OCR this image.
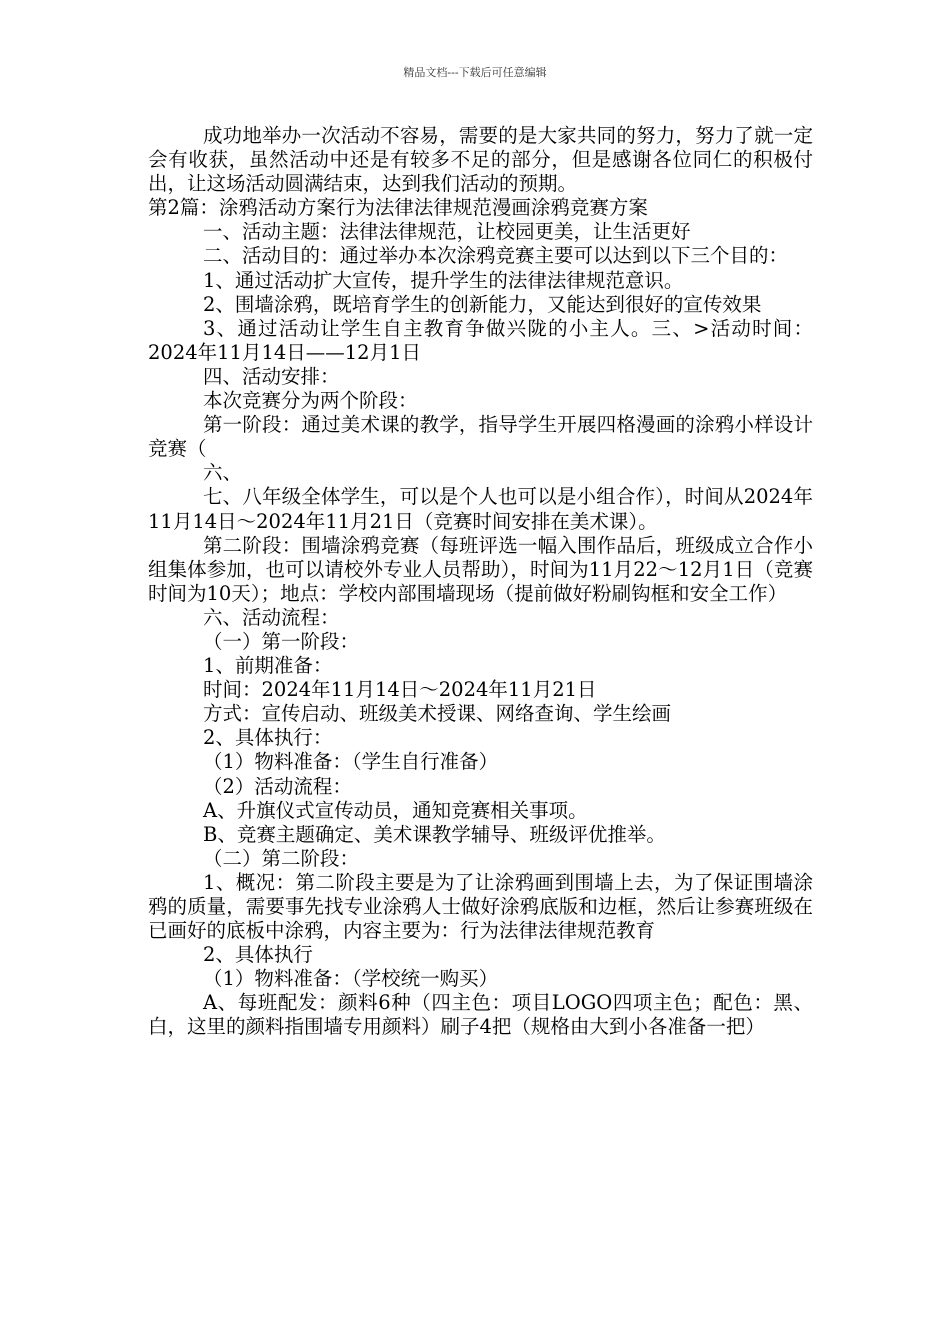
精品文档---下载后可任意编辑

成功地举办一次活动不容易，需要的是大家共同的努力，努力了就一定会有收获，虽然活动中还是有较多不足的部分，但是感谢各位同仁的积极付出，让这场活动圆满结束，达到我们活动的预期。

第2篇：涂鸦活动方案行为法律法律规范漫画涂鸦竞赛方案

一、活动主题：法律法律规范，让校园更美，让生活更好

二、活动目的：通过举办本次涂鸦竞赛主要可以达到以下三个目的：

1、通过活动扩大宣传，提升学生的法律法律规范意识。

2、围墙涂鸦，既培育学生的创新能力，又能达到很好的宣传效果

3、通过活动让学生自主教育争做兴陇的小主人。三、>活动时间：2024年11月14日——12月1日

四、活动安排：

本次竞赛分为两个阶段：

第一阶段：通过美术课的教学，指导学生开展四格漫画的涂鸦小样设计竞赛（

六、

七、八年级全体学生，可以是个人也可以是小组合作），时间从2024年11月14日～2024年11月21日（竞赛时间安排在美术课）。

第二阶段：围墙涂鸦竞赛（每班评选一幅入围作品后，班级成立合作小组集体参加，也可以请校外专业人员帮助），时间为11月22～12月1日（竞赛时间为10天）；地点：学校内部围墙现场（提前做好粉刷钩框和安全工作）

六、活动流程：

（一）第一阶段：

1、前期准备：

时间：2024年11月14日～2024年11月21日

方式：宣传启动、班级美术授课、网络查询、学生绘画

2、具体执行：

（1）物料准备：（学生自行准备）

（2）活动流程：

A、升旗仪式宣传动员，通知竞赛相关事项。

B、竞赛主题确定、美术课教学辅导、班级评优推举。

（二）第二阶段：

1、概况：第二阶段主要是为了让涂鸦画到围墙上去，为了保证围墙涂鸦的质量，需要事先找专业涂鸦人士做好涂鸦底版和边框，然后让参赛班级在已画好的底板中涂鸦，内容主要为：行为法律法律规范教育

2、具体执行

（1）物料准备：（学校统一购买）

A、每班配发：颜料6种（四主色：项目LOGO四项主色；配色：黑、白，这里的颜料指围墙专用颜料）刷子4把（规格由大到小各准备一把）
